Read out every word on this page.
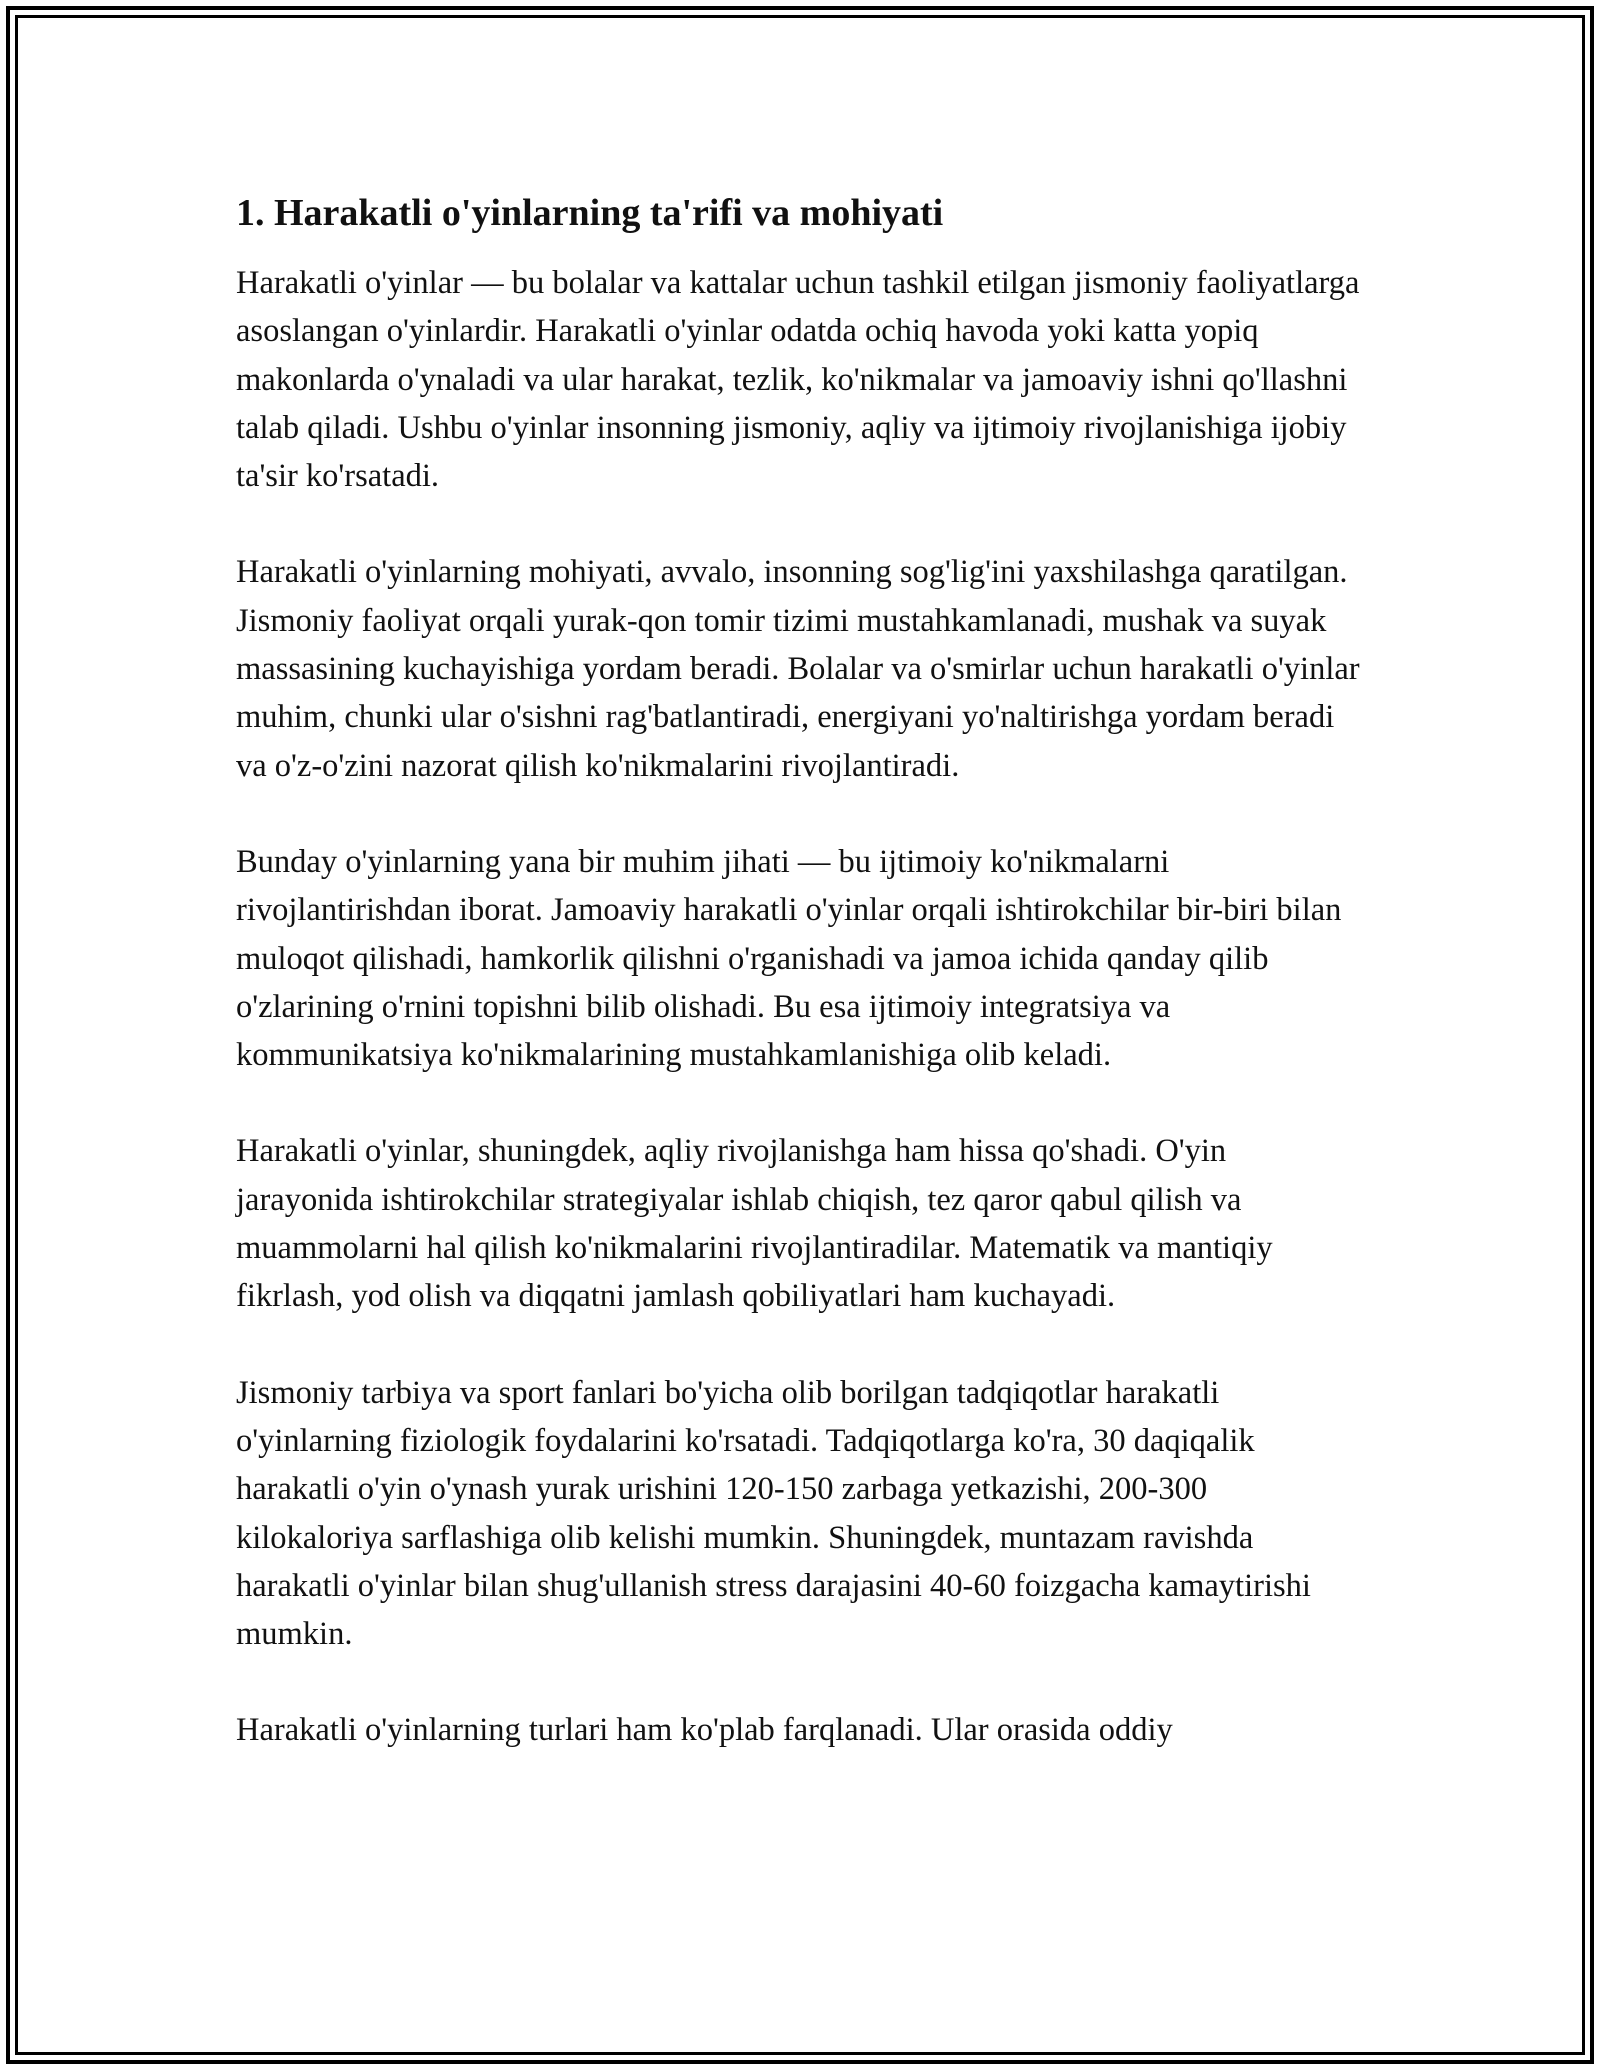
1. Harakatli o'yinlarning ta'rifi va mohiyati

Harakatli o'yinlar — bu bolalar va kattalar uchun tashkil etilgan jismoniy faoliyatlarga asoslangan o'yinlardir. Harakatli o'yinlar odatda ochiq havoda yoki katta yopiq makonlarda o'ynaladi va ular harakat, tezlik, ko'nikmalar va jamoaviy ishni qo'llashni talab qiladi. Ushbu o'yinlar insonning jismoniy, aqliy va ijtimoiy rivojlanishiga ijobiy ta'sir ko'rsatadi.

Harakatli o'yinlarning mohiyati, avvalo, insonning sog'lig'ini yaxshilashga qaratilgan. Jismoniy faoliyat orqali yurak-qon tomir tizimi mustahkamlanadi, mushak va suyak massasining kuchayishiga yordam beradi. Bolalar va o'smirlar uchun harakatli o'yinlar muhim, chunki ular o'sishni rag'batlantiradi, energiyani yo'naltirishga yordam beradi va o'z-o'zini nazorat qilish ko'nikmalarini rivojlantiradi.

Bunday o'yinlarning yana bir muhim jihati — bu ijtimoiy ko'nikmalarni rivojlantirishdan iborat. Jamoaviy harakatli o'yinlar orqali ishtirokchilar bir-biri bilan muloqot qilishadi, hamkorlik qilishni o'rganishadi va jamoa ichida qanday qilib o'zlarining o'rnini topishni bilib olishadi. Bu esa ijtimoiy integratsiya va kommunikatsiya ko'nikmalarining mustahkamlanishiga olib keladi.

Harakatli o'yinlar, shuningdek, aqliy rivojlanishga ham hissa qo'shadi. O'yin jarayonida ishtirokchilar strategiyalar ishlab chiqish, tez qaror qabul qilish va muammolarni hal qilish ko'nikmalarini rivojlantiradilar. Matematik va mantiqiy fikrlash, yod olish va diqqatni jamlash qobiliyatlari ham kuchayadi.

Jismoniy tarbiya va sport fanlari bo'yicha olib borilgan tadqiqotlar harakatli o'yinlarning fiziologik foydalarini ko'rsatadi. Tadqiqotlarga ko'ra, 30 daqiqalik harakatli o'yin o'ynash yurak urishini 120-150 zarbaga yetkazishi, 200-300 kilokaloriya sarflashiga olib kelishi mumkin. Shuningdek, muntazam ravishda harakatli o'yinlar bilan shug'ullanish stress darajasini 40-60 foizgacha kamaytirishi mumkin.

Harakatli o'yinlarning turlari ham ko'plab farqlanadi. Ular orasida oddiy
